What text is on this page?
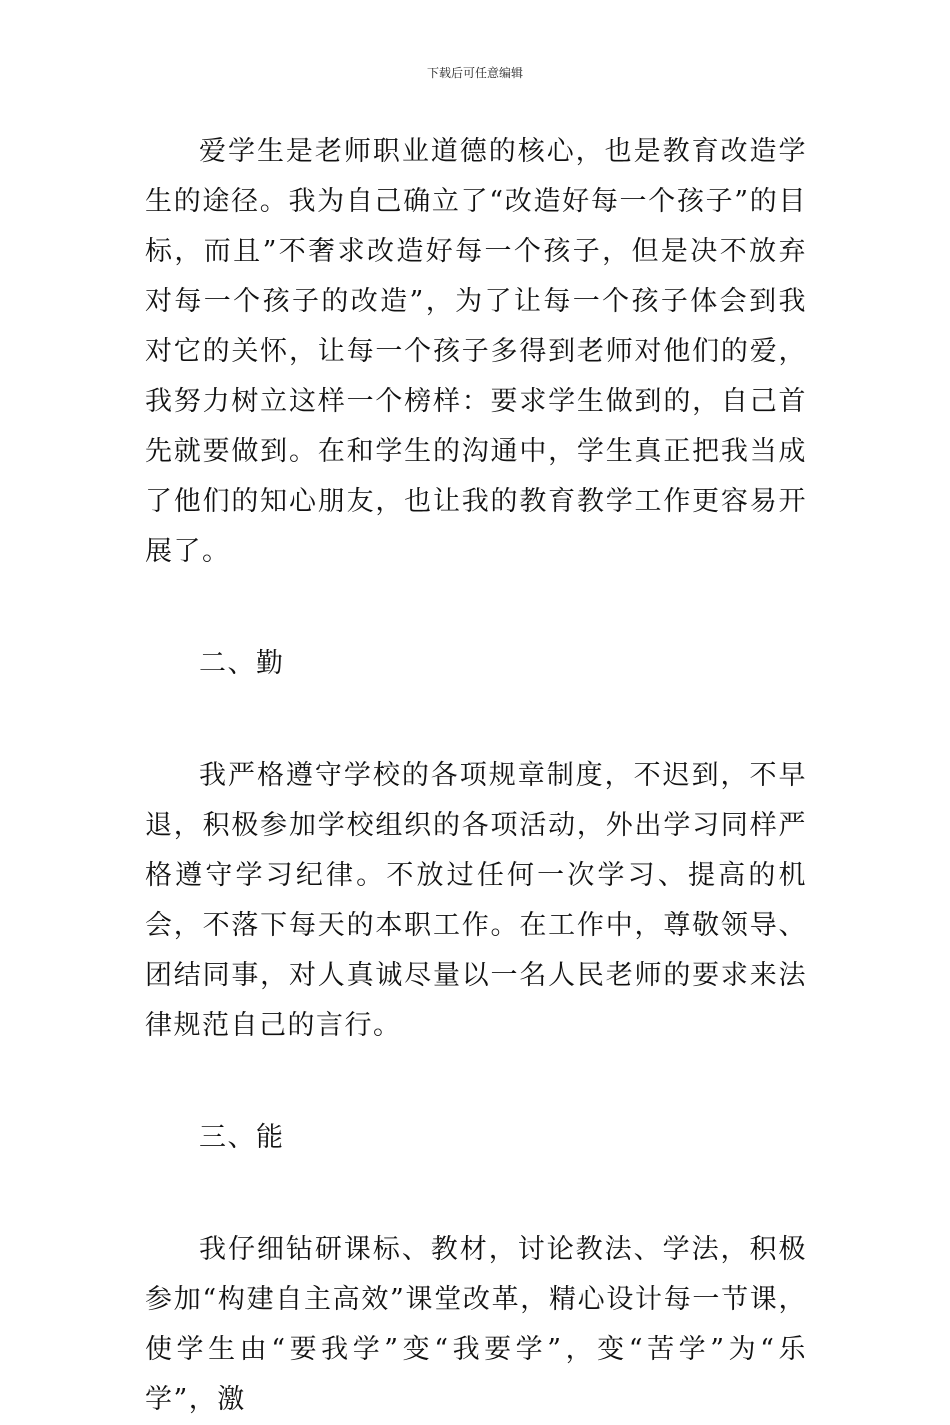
下载后可任意编辑

爱学生是老师职业道德的核心，也是教育改造学生的途径。我为自己确立了“改造好每一个孩子”的目标，而且”不奢求改造好每一个孩子，但是决不放弃对每一个孩子的改造”，为了让每一个孩子体会到我对它的关怀，让每一个孩子多得到老师对他们的爱，我努力树立这样一个榜样：要求学生做到的，自己首先就要做到。在和学生的沟通中，学生真正把我当成了他们的知心朋友，也让我的教育教学工作更容易开展了。

二、勤

我严格遵守学校的各项规章制度，不迟到，不早退，积极参加学校组织的各项活动，外出学习同样严格遵守学习纪律。不放过任何一次学习、提高的机会，不落下每天的本职工作。在工作中，尊敬领导、团结同事，对人真诚尽量以一名人民老师的要求来法律规范自己的言行。

三、能

我仔细钻研课标、教材，讨论教法、学法，积极参加“构建自主高效”课堂改革，精心设计每一节课，使学生由“要我学”变“我要学”，变“苦学”为“乐学”，激
